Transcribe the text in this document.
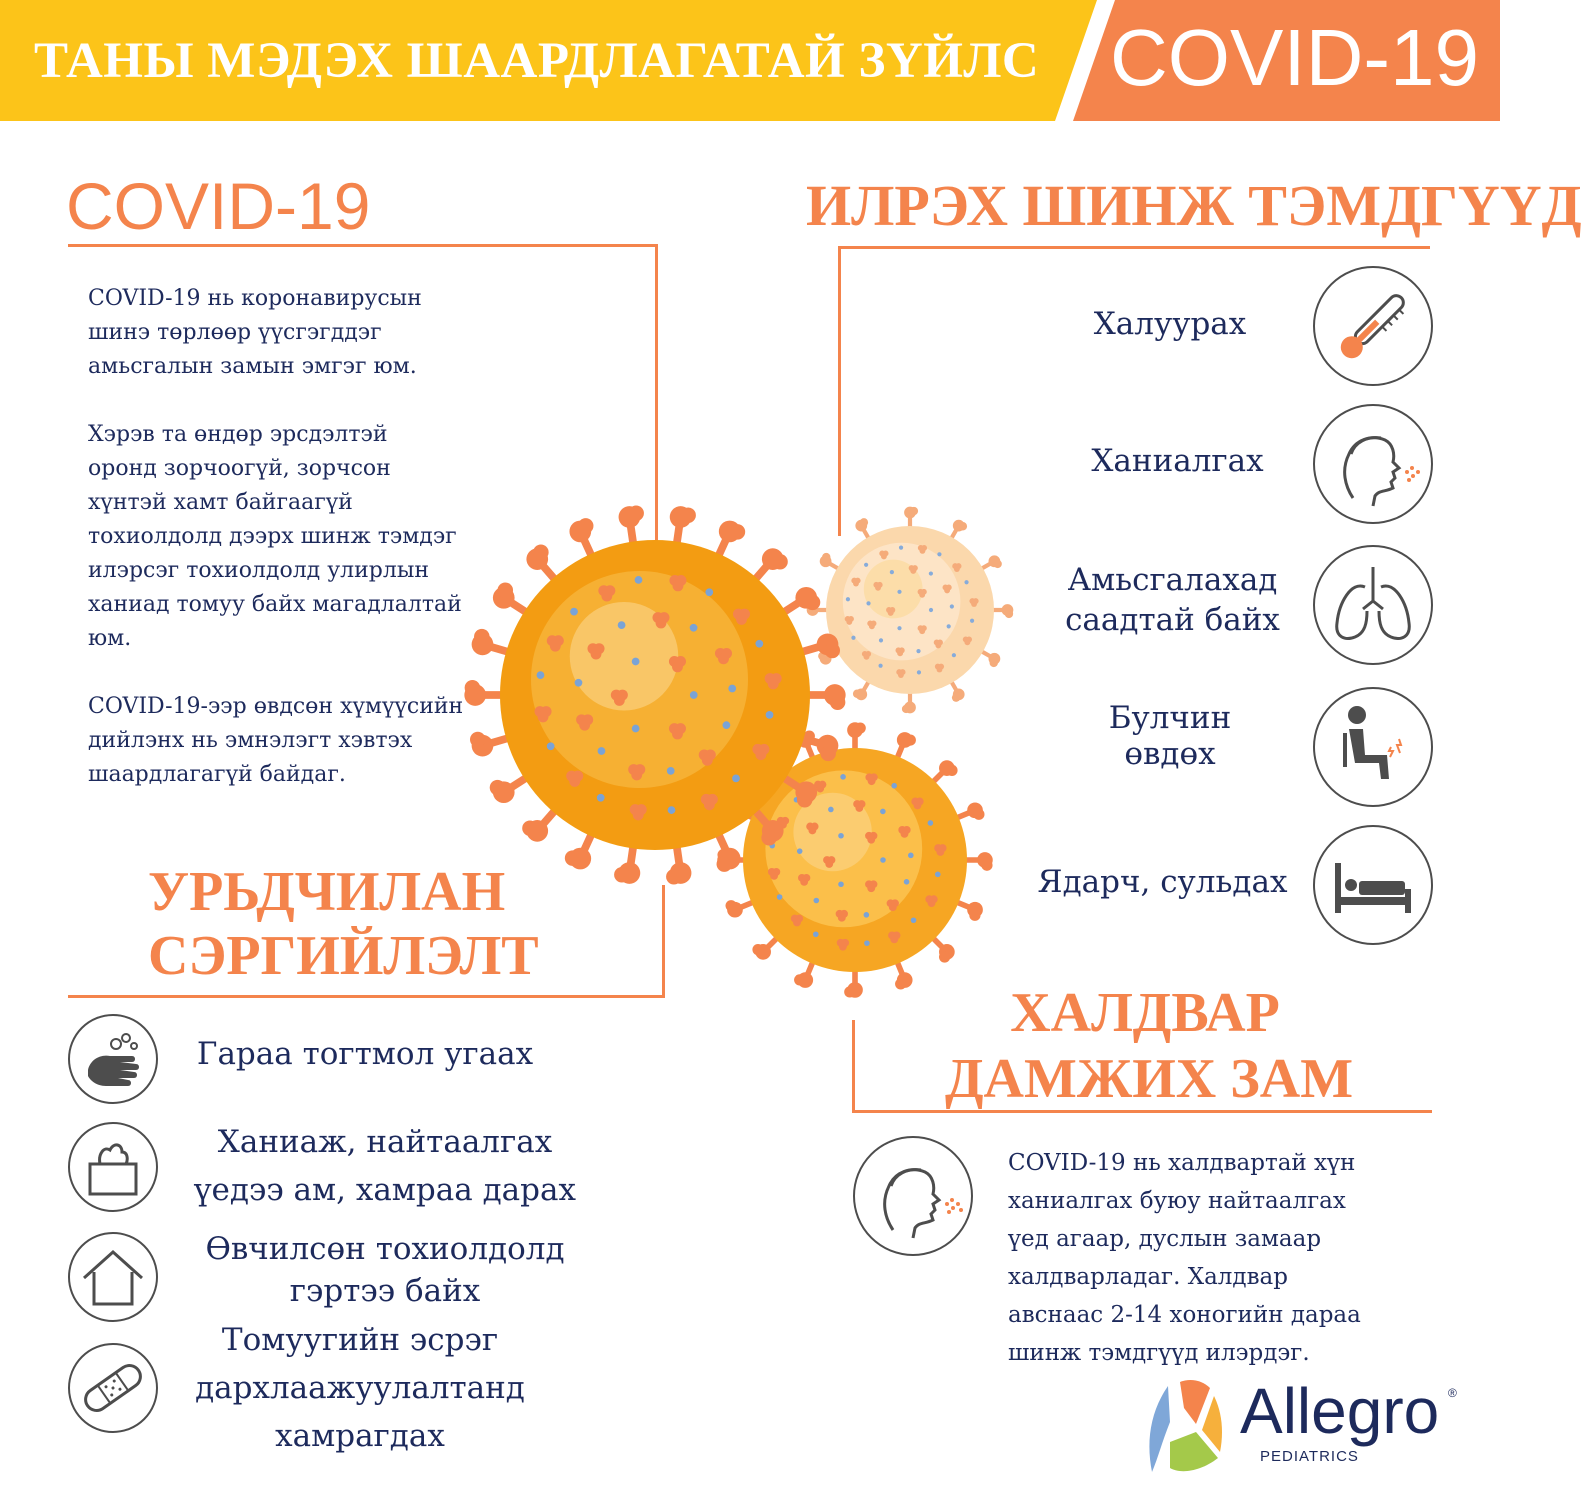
ТАНЫ МЭДЭХ ШААРДЛАГАТАЙ ЗҮЙЛС COVID-19
COVID-19
COVID-19 нь коронавирусын
шинэ төрлөөр үүсгэгддэг
амьсгалын замын эмгэг юм.
Хэрэв та өндөр эрсдэлтэй
оронд зорчоогүй, зорчсон
хүнтэй хамт байгаагүй
тохиолдолд дээрх шинж тэмдэг
илэрсэг тохиолдолд улирлын
ханиад томуу байх магадлалтай
юм.
COVID-19-ээр өвдсөн хүмүүсийн
дийлэнх нь эмнэлэгт хэвтэх
шаардлагагүй байдаг.
ИЛРЭХ ШИНЖ ТЭМДГҮҮД
Халуурах
Ханиалгах
Амьсгалахад
саадтай байх
Булчин
өвдөх
Ядарч, сульдах
УРЬДЧИЛАН
СЭРГИЙЛЭЛТ
Гараа тогтмол угаах
Ханиаж, найтаалгах
үедээ ам, хамраа дарах
Өвчилсөн тохиолдолд
гэртээ байх
Томуугийн эсрэг
дархлаажуулалтанд
хамрагдах
ХАЛДВАР
ДАМЖИХ ЗАМ
COVID-19 нь халдвартай хүн
ханиалгах буюу найтаалгах
үед агаар, дуслын замаар
халдварладаг. Халдвар
авснаас 2-14 хоногийн дараа
шинж тэмдгүүд илэрдэг.
Allegro ®
PEDIATRICS
